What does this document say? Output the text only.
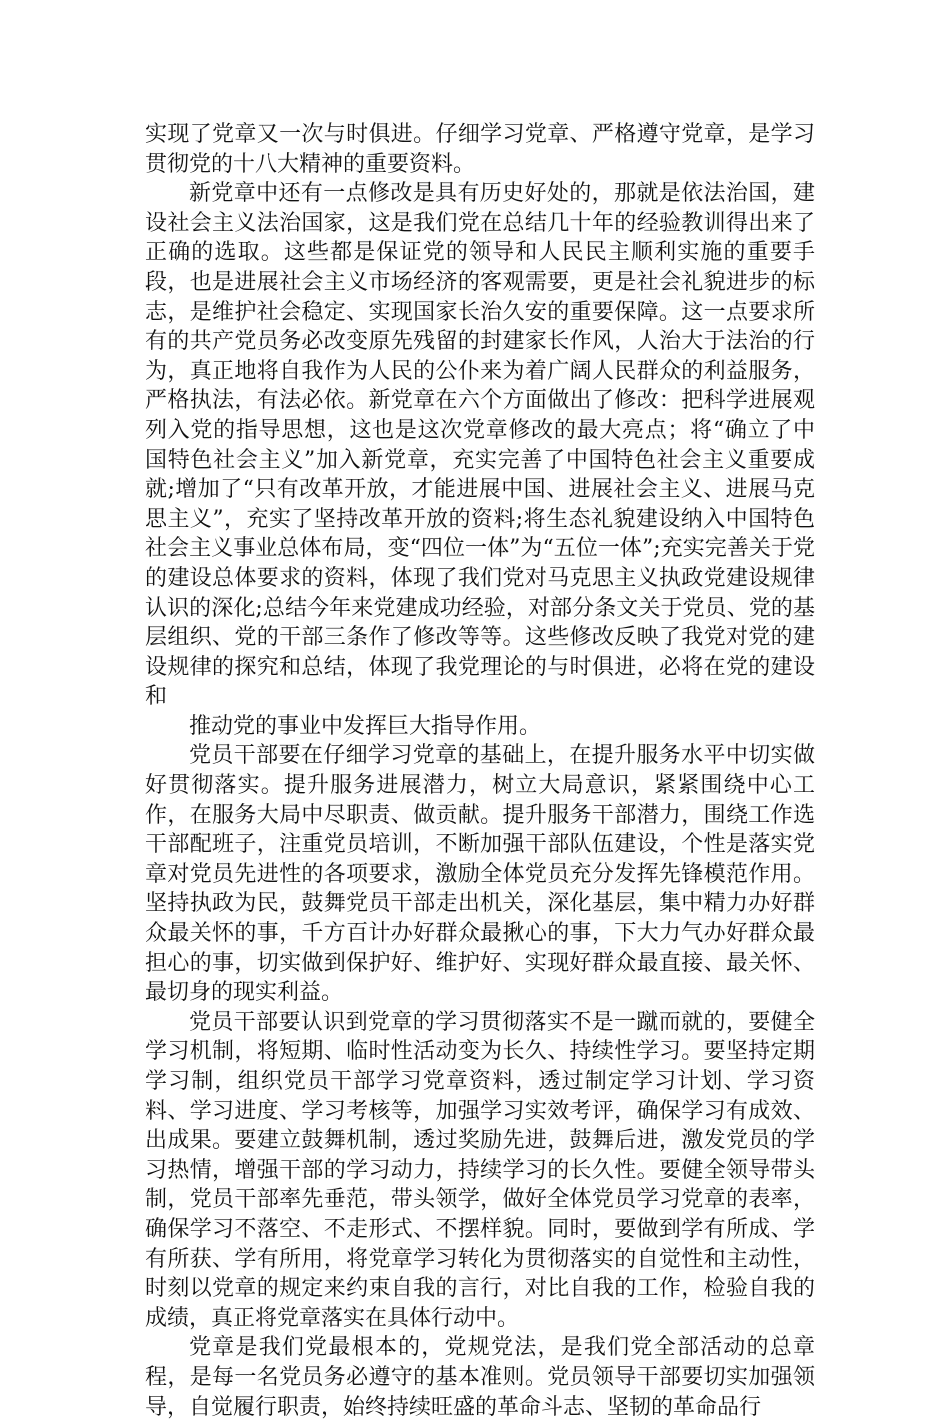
实现了党章又一次与时俱进。仔细学习党章、严格遵守党章，是学习贯彻党的十八大精神的重要资料。

新党章中还有一点修改是具有历史好处的，那就是依法治国，建设社会主义法治国家，这是我们党在总结几十年的经验教训得出来了正确的选取。这些都是保证党的领导和人民民主顺利实施的重要手段，也是进展社会主义市场经济的客观需要，更是社会礼貌进步的标志，是维护社会稳定、实现国家长治久安的重要保障。这一点要求所有的共产党员务必改变原先残留的封建家长作风，人治大于法治的行为，真正地将自我作为人民的公仆来为着广阔人民群众的利益服务，严格执法，有法必依。新党章在六个方面做出了修改：把科学进展观列入党的指导思想，这也是这次党章修改的最大亮点；将“确立了中国特色社会主义”加入新党章，充实完善了中国特色社会主义重要成就;增加了“只有改革开放，才能进展中国、进展社会主义、进展马克思主义”，充实了坚持改革开放的资料;将生态礼貌建设纳入中国特色社会主义事业总体布局，变“四位一体”为“五位一体”;充实完善关于党的建设总体要求的资料，体现了我们党对马克思主义执政党建设规律认识的深化;总结今年来党建成功经验，对部分条文关于党员、党的基层组织、党的干部三条作了修改等等。这些修改反映了我党对党的建设规律的探究和总结，体现了我党理论的与时俱进，必将在党的建设和

推动党的事业中发挥巨大指导作用。

党员干部要在仔细学习党章的基础上，在提升服务水平中切实做好贯彻落实。提升服务进展潜力，树立大局意识，紧紧围绕中心工作，在服务大局中尽职责、做贡献。提升服务干部潜力，围绕工作选干部配班子，注重党员培训，不断加强干部队伍建设，个性是落实党章对党员先进性的各项要求，激励全体党员充分发挥先锋模范作用。坚持执政为民，鼓舞党员干部走出机关，深化基层，集中精力办好群众最关怀的事，千方百计办好群众最揪心的事，下大力气办好群众最担心的事，切实做到保护好、维护好、实现好群众最直接、最关怀、最切身的现实利益。

党员干部要认识到党章的学习贯彻落实不是一蹴而就的，要健全学习机制，将短期、临时性活动变为长久、持续性学习。要坚持定期学习制，组织党员干部学习党章资料，透过制定学习计划、学习资料、学习进度、学习考核等，加强学习实效考评，确保学习有成效、出成果。要建立鼓舞机制，透过奖励先进，鼓舞后进，激发党员的学习热情，增强干部的学习动力，持续学习的长久性。要健全领导带头制，党员干部率先垂范，带头领学，做好全体党员学习党章的表率，确保学习不落空、不走形式、不摆样貌。同时，要做到学有所成、学有所获、学有所用，将党章学习转化为贯彻落实的自觉性和主动性，时刻以党章的规定来约束自我的言行，对比自我的工作，检验自我的成绩，真正将党章落实在具体行动中。

党章是我们党最根本的，党规党法，是我们党全部活动的总章程，是每一名党员务必遵守的基本准则。党员领导干部要切实加强领导，自觉履行职责，始终持续旺盛的革命斗志、坚韧的革命品行
